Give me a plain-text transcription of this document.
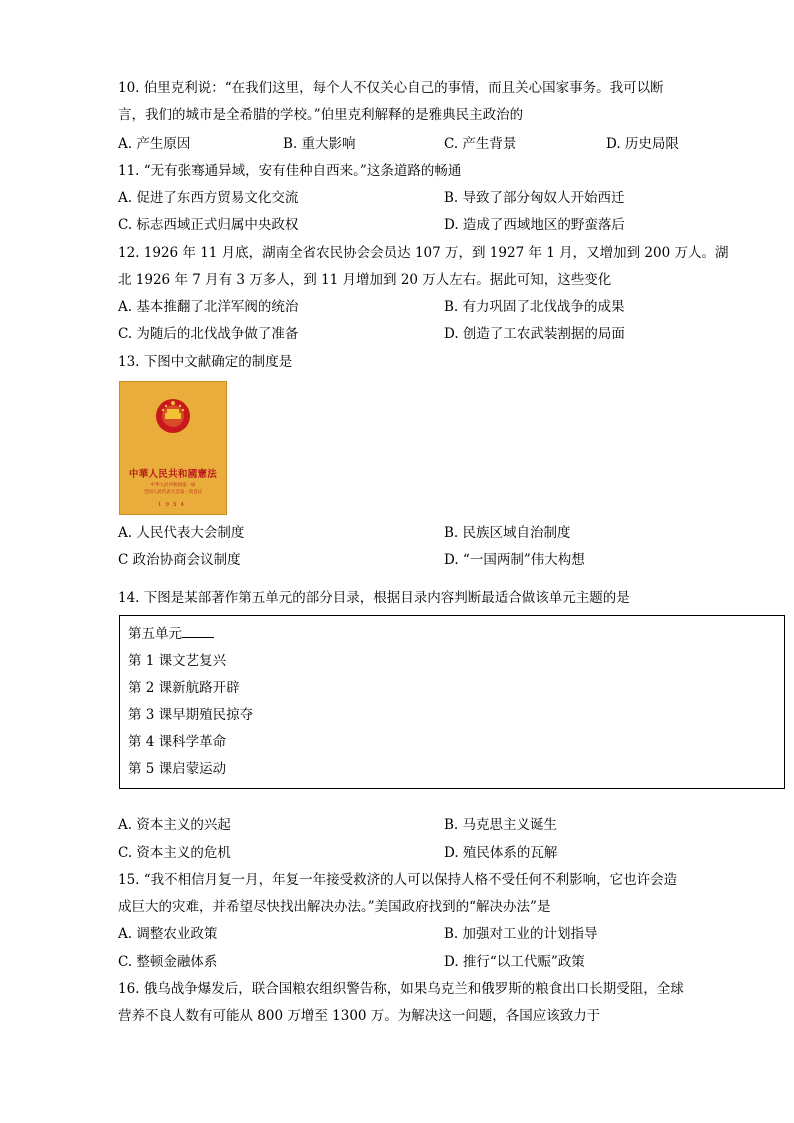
10. 伯里克利说：“在我们这里，每个人不仅关心自己的事情，而且关心国家事务。我可以断
言，我们的城市是全希腊的学校。”伯里克利解释的是雅典民主政治的
A. 产生原因	B. 重大影响	C. 产生背景	D. 历史局限
11. “无有张骞通异域，安有佳种自西来。”这条道路的畅通
A. 促进了东西方贸易文化交流	B. 导致了部分匈奴人开始西迁
C. 标志西域正式归属中央政权	D. 造成了西域地区的野蛮落后
12. 1926 年 11 月底，湖南全省农民协会会员达 107 万，到 1927 年 1 月，又增加到 200 万人。湖
北 1926 年 7 月有 3 万多人，到 11 月增加到 20 万人左右。据此可知，这些变化
A. 基本推翻了北洋军阀的统治	B. 有力巩固了北伐战争的成果
C. 为随后的北伐战争做了准备	D. 创造了工农武装割据的局面
13. 下图中文献确定的制度是
中華人民共和國憲法
中华人民共和国第一届
全国人民代表大会第一次会议
1954
A. 人民代表大会制度	B. 民族区域自治制度
C 政治协商会议制度	D. “一国两制”伟大构想
14. 下图是某部著作第五单元的部分目录，根据目录内容判断最适合做该单元主题的是
第五单元
第 1 课文艺复兴
第 2 课新航路开辟
第 3 课早期殖民掠夺
第 4 课科学革命
第 5 课启蒙运动
A. 资本主义的兴起	B. 马克思主义诞生
C. 资本主义的危机	D. 殖民体系的瓦解
15. “我不相信月复一月，年复一年接受救济的人可以保持人格不受任何不利影响，它也许会造
成巨大的灾难，并希望尽快找出解决办法。”美国政府找到的“解决办法”是
A. 调整农业政策	B. 加强对工业的计划指导
C. 整顿金融体系	D. 推行“以工代赈”政策
16. 俄乌战争爆发后，联合国粮农组织警告称，如果乌克兰和俄罗斯的粮食出口长期受阻，全球
营养不良人数有可能从 800 万增至 1300 万。为解决这一问题，各国应该致力于
